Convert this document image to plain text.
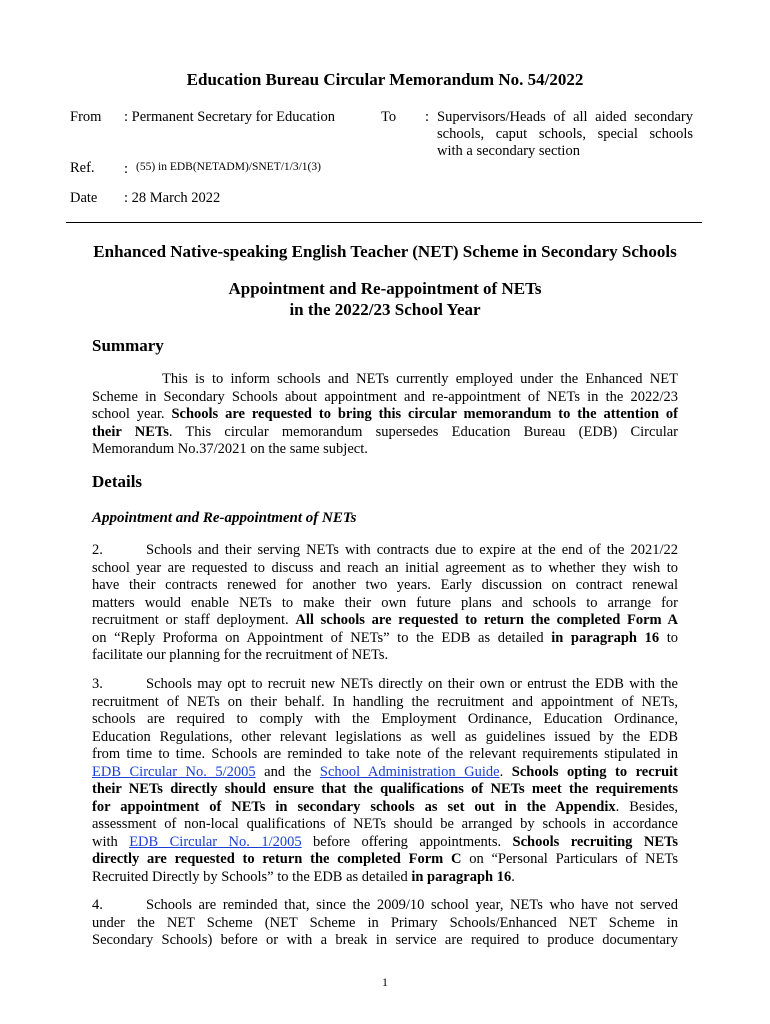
Education Bureau Circular Memorandum No. 54/2022
From : Permanent Secretary for Education	To : Supervisors/Heads of all aided secondary
schools, caput schools, special schools
with a secondary section
Ref. : (55) in EDB(NETADM)/SNET/1/3/1(3)
Date : 28 March 2022
Enhanced Native-speaking English Teacher (NET) Scheme in Secondary Schools
Appointment and Re-appointment of NETs
in the 2022/23 School Year
Summary
This is to inform schools and NETs currently employed under the Enhanced NET
Scheme in Secondary Schools about appointment and re-appointment of NETs in the 2022/23
school year. Schools are requested to bring this circular memorandum to the attention of
their NETs. This circular memorandum supersedes Education Bureau (EDB) Circular
Memorandum No.37/2021 on the same subject.
Details
Appointment and Re-appointment of NETs
2.	Schools and their serving NETs with contracts due to expire at the end of the 2021/22
school year are requested to discuss and reach an initial agreement as to whether they wish to
have their contracts renewed for another two years. Early discussion on contract renewal
matters would enable NETs to make their own future plans and schools to arrange for
recruitment or staff deployment. All schools are requested to return the completed Form A
on “Reply Proforma on Appointment of NETs” to the EDB as detailed in paragraph 16 to
facilitate our planning for the recruitment of NETs.
3.	Schools may opt to recruit new NETs directly on their own or entrust the EDB with the
recruitment of NETs on their behalf. In handling the recruitment and appointment of NETs,
schools are required to comply with the Employment Ordinance, Education Ordinance,
Education Regulations, other relevant legislations as well as guidelines issued by the EDB
from time to time. Schools are reminded to take note of the relevant requirements stipulated in
EDB Circular No. 5/2005 and the School Administration Guide. Schools opting to recruit
their NETs directly should ensure that the qualifications of NETs meet the requirements
for appointment of NETs in secondary schools as set out in the Appendix. Besides,
assessment of non-local qualifications of NETs should be arranged by schools in accordance
with EDB Circular No. 1/2005 before offering appointments. Schools recruiting NETs
directly are requested to return the completed Form C on “Personal Particulars of NETs
Recruited Directly by Schools” to the EDB as detailed in paragraph 16.
4.	Schools are reminded that, since the 2009/10 school year, NETs who have not served
under the NET Scheme (NET Scheme in Primary Schools/Enhanced NET Scheme in
Secondary Schools) before or with a break in service are required to produce documentary
1
